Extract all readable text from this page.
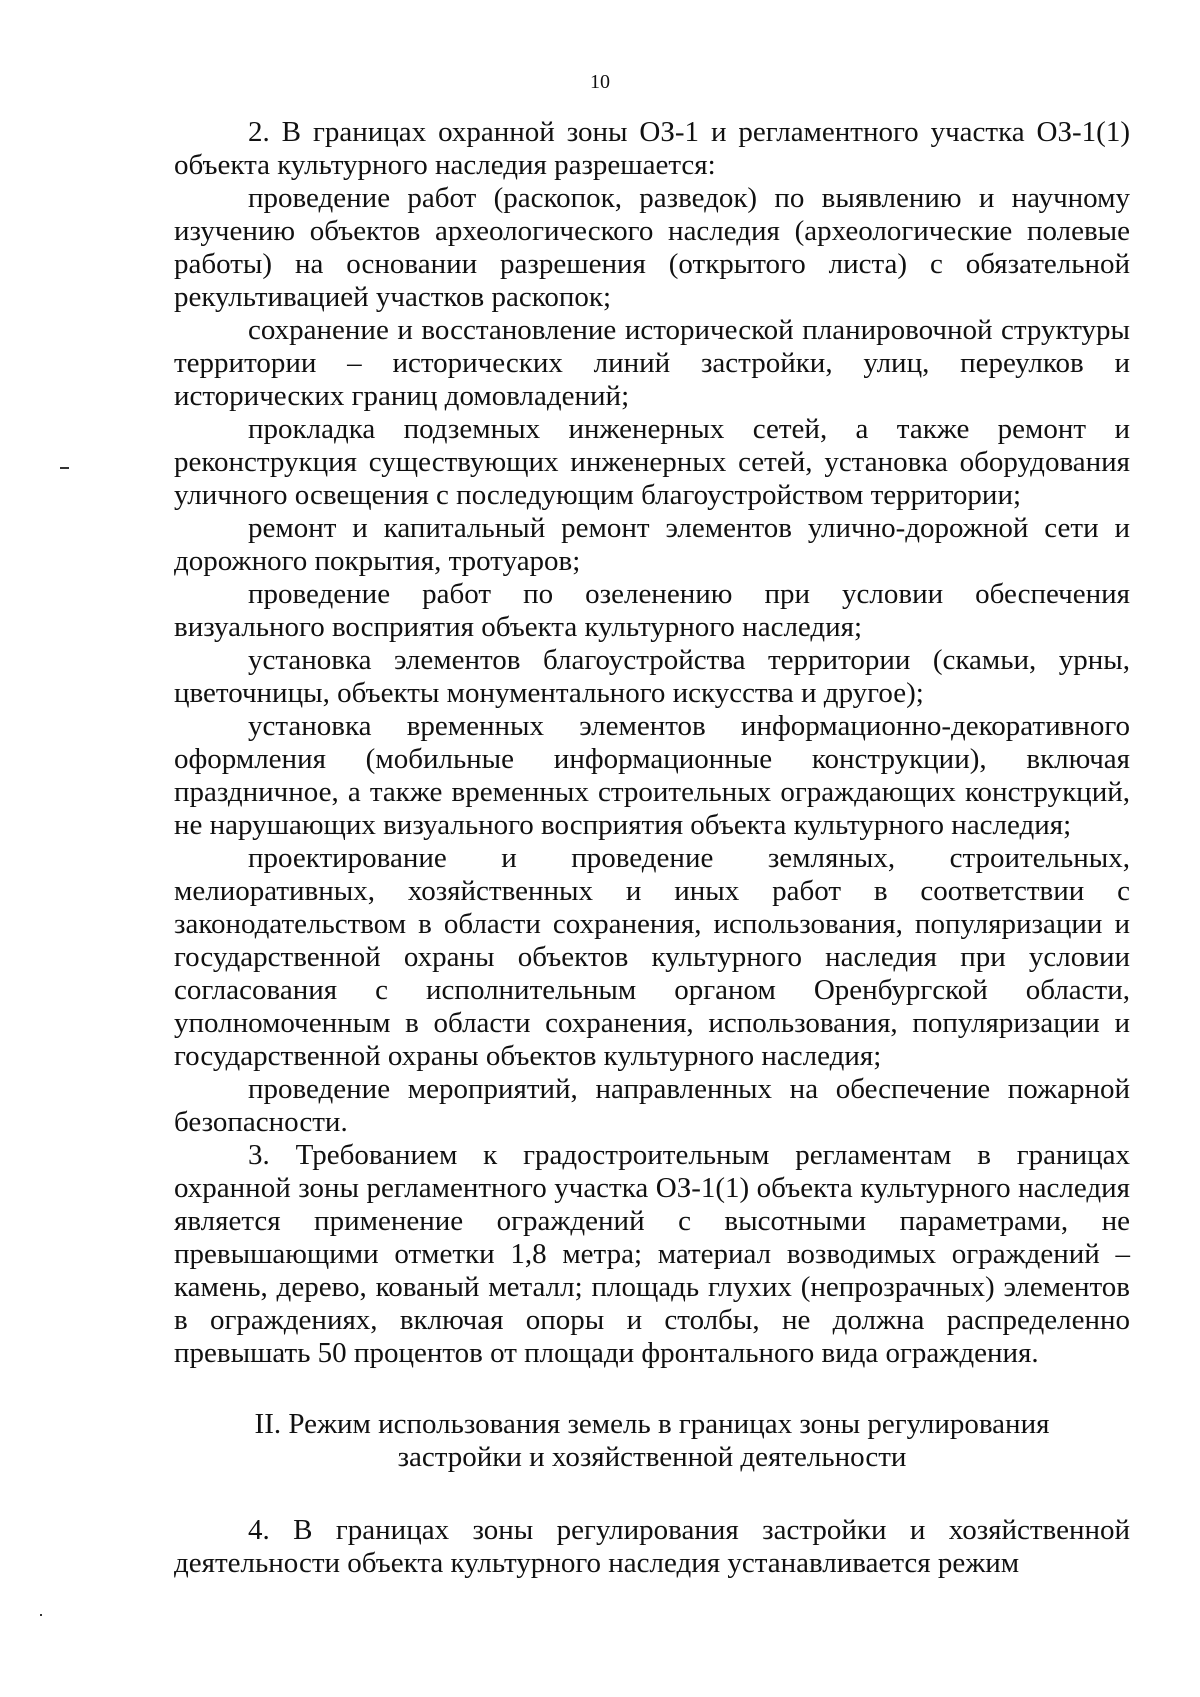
10

2. В границах охранной зоны ОЗ-1 и регламентного участка ОЗ-1(1) объекта культурного наследия разрешается:

проведение работ (раскопок, разведок) по выявлению и научному изучению объектов археологического наследия (археологические полевые работы) на основании разрешения (открытого листа) с обязательной рекультивацией участков раскопок;

сохранение и восстановление исторической планировочной структуры территории – исторических линий застройки, улиц, переулков и исторических границ домовладений;

прокладка подземных инженерных сетей, а также ремонт и реконструкция существующих инженерных сетей, установка оборудования уличного освещения с последующим благоустройством территории;

ремонт и капитальный ремонт элементов улично-дорожной сети и дорожного покрытия, тротуаров;

проведение работ по озеленению при условии обеспечения визуального восприятия объекта культурного наследия;

установка элементов благоустройства территории (скамьи, урны, цветочницы, объекты монументального искусства и другое);

установка временных элементов информационно-декоративного оформления (мобильные информационные конструкции), включая праздничное, а также временных строительных ограждающих конструкций, не нарушающих визуального восприятия объекта культурного наследия;

проектирование и проведение земляных, строительных, мелиоративных, хозяйственных и иных работ в соответствии с законодательством в области сохранения, использования, популяризации и государственной охраны объектов культурного наследия при условии согласования с исполнительным органом Оренбургской области, уполномоченным в области сохранения, использования, популяризации и государственной охраны объектов культурного наследия;

проведение мероприятий, направленных на обеспечение пожарной безопасности.

3. Требованием к градостроительным регламентам в границах охранной зоны регламентного участка ОЗ-1(1) объекта культурного наследия является применение ограждений с высотными параметрами, не превышающими отметки 1,8 метра; материал возводимых ограждений – камень, дерево, кованый металл; площадь глухих (непрозрачных) элементов в ограждениях, включая опоры и столбы, не должна распределенно превышать 50 процентов от площади фронтального вида ограждения.

II. Режим использования земель в границах зоны регулирования
застройки и хозяйственной деятельности

4. В границах зоны регулирования застройки и хозяйственной деятельности объекта культурного наследия устанавливается режим
